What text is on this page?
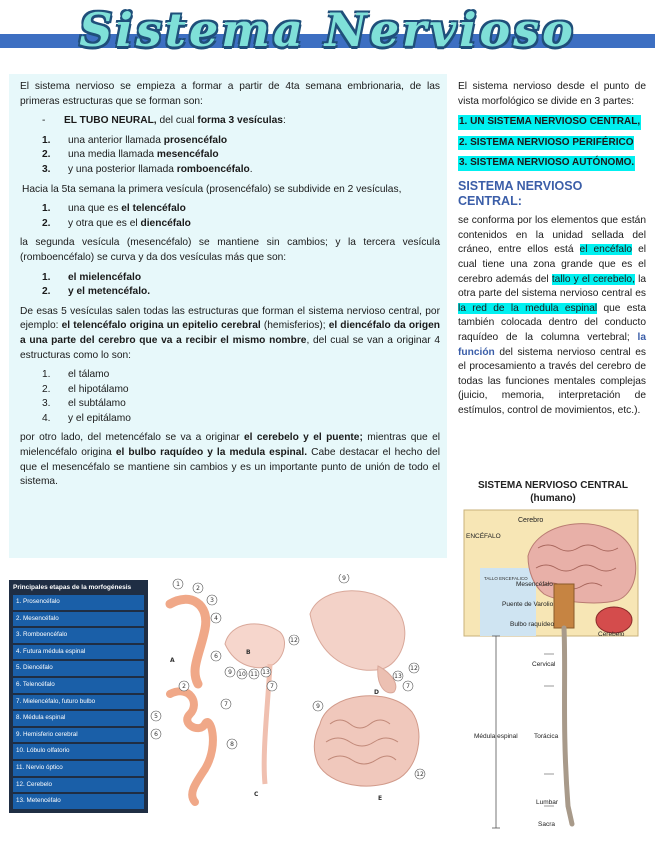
Sistema Nervioso

El sistema nervioso se empieza a formar a partir de 4ta semana embrionaria, de las primeras estructuras que se forman son:

- EL TUBO NEURAL, del cual forma 3 vesículas:

1.	una anterior llamada prosencéfalo
2.	una media llamada mesencéfalo
3.	y una posterior llamada romboencéfalo.

Hacia la 5ta semana la primera vesícula (prosencéfalo) se subdivide en 2 vesículas,

1.	una que es el telencéfalo
2.	y otra que es el diencéfalo

la segunda vesícula (mesencéfalo) se mantiene sin cambios; y la tercera vesícula (romboencéfalo) se curva y da dos vesículas más que son:

1.	el mielencéfalo
2.	y el metencéfalo.

De esas 5 vesículas salen todas las estructuras que forman el sistema nervioso central, por ejemplo: el telencéfalo origina un epitelio cerebral (hemisferios); el diencéfalo da origen a una parte del cerebro que va a recibir el mismo nombre, del cual se van a originar 4 estructuras como lo son:

1.	el tálamo
2.	el hipotálamo
3.	el subtálamo
4.	y el epitálamo

por otro lado, del metencéfalo se va a originar el cerebelo y el puente; mientras que el mielencéfalo origina el bulbo raquídeo y la medula espinal. Cabe destacar el hecho del que el mesencéfalo se mantiene sin cambios y es un importante punto de unión de todo el sistema.

El sistema nervioso desde el punto de vista morfológico se divide en 3 partes:

1. UN SISTEMA NERVIOSO CENTRAL,
2. SISTEMA NERVIOSO PERIFÉRICO
3. SISTEMA NERVIOSO AUTÓNOMO.
SISTEMA NERVIOSO CENTRAL:

se conforma por los elementos que están contenidos en la unidad sellada del cráneo, entre ellos está el encéfalo el cual tiene una zona grande que es el cerebro además del tallo y el cerebelo, la otra parte del sistema nervioso central es la red de la medula espinal que esta también colocada dentro del conducto raquídeo de la columna vertebral; la función del sistema nervioso central es el procesamiento a través del cerebro de todas las funciones mentales complejas (juicio, memoria, interpretación de estímulos, control de movimientos, etc.).

Principales etapas de la morfogénesis
1. Prosencéfalo
2. Mesencéfalo
3. Romboencéfalo
4. Futura médula espinal
5. Diencéfalo
6. Telencéfalo
7. Mielencéfalo, futuro bulbo
8. Médula espinal
9. Hemisferio cerebral
10. Lóbulo olfatorio
11. Nervio óptico
12. Cerebelo
13. Metencéfalo
1
2
3
4
A
6
9 10 11 13
12
7
B
2
7
5
6
8
C
9
12
13
7
D
9
12
E
SISTEMA NERVIOSO CENTRAL
(humano)
Cerebro
ENCÉFALO
TALLO ENCEFALICO
Mesencéfalo
Puente de Varolio
Bulbo raquídeo
Cerebelo
Cervical
Médula espinal	Torácica
Lumbar
Sacra
